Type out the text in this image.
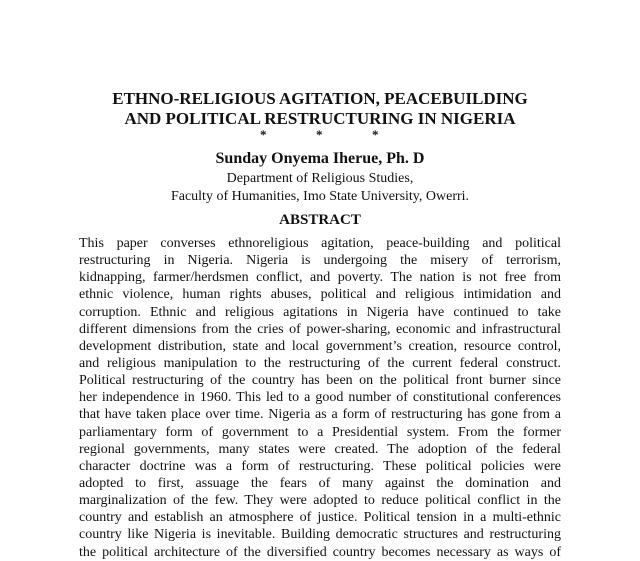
ETHNO-RELIGIOUS AGITATION, PEACEBUILDING
AND POLITICAL RESTRUCTURING IN NIGERIA
*	*	*

Sunday Onyema Iherue, Ph. D

Department of Religious Studies,

Faculty of Humanities, Imo State University, Owerri.

ABSTRACT
This paper converses ethnoreligious agitation, peace-building and political
restructuring in Nigeria. Nigeria is undergoing the misery of terrorism,
kidnapping, farmer/herdsmen conflict, and poverty. The nation is not free from
ethnic violence, human rights abuses, political and religious intimidation and
corruption. Ethnic and religious agitations in Nigeria have continued to take
different dimensions from the cries of power-sharing, economic and infrastructural
development distribution, state and local government’s creation, resource control,
and religious manipulation to the restructuring of the current federal construct.
Political restructuring of the country has been on the political front burner since
her independence in 1960. This led to a good number of constitutional conferences
that have taken place over time. Nigeria as a form of restructuring has gone from a
parliamentary form of government to a Presidential system. From the former
regional governments, many states were created. The adoption of the federal
character doctrine was a form of restructuring. These political policies were
adopted to first, assuage the fears of many against the domination and
marginalization of the few. They were adopted to reduce political conflict in the
country and establish an atmosphere of justice. Political tension in a multi-ethnic
country like Nigeria is inevitable. Building democratic structures and restructuring
the political architecture of the diversified country becomes necessary as ways of
